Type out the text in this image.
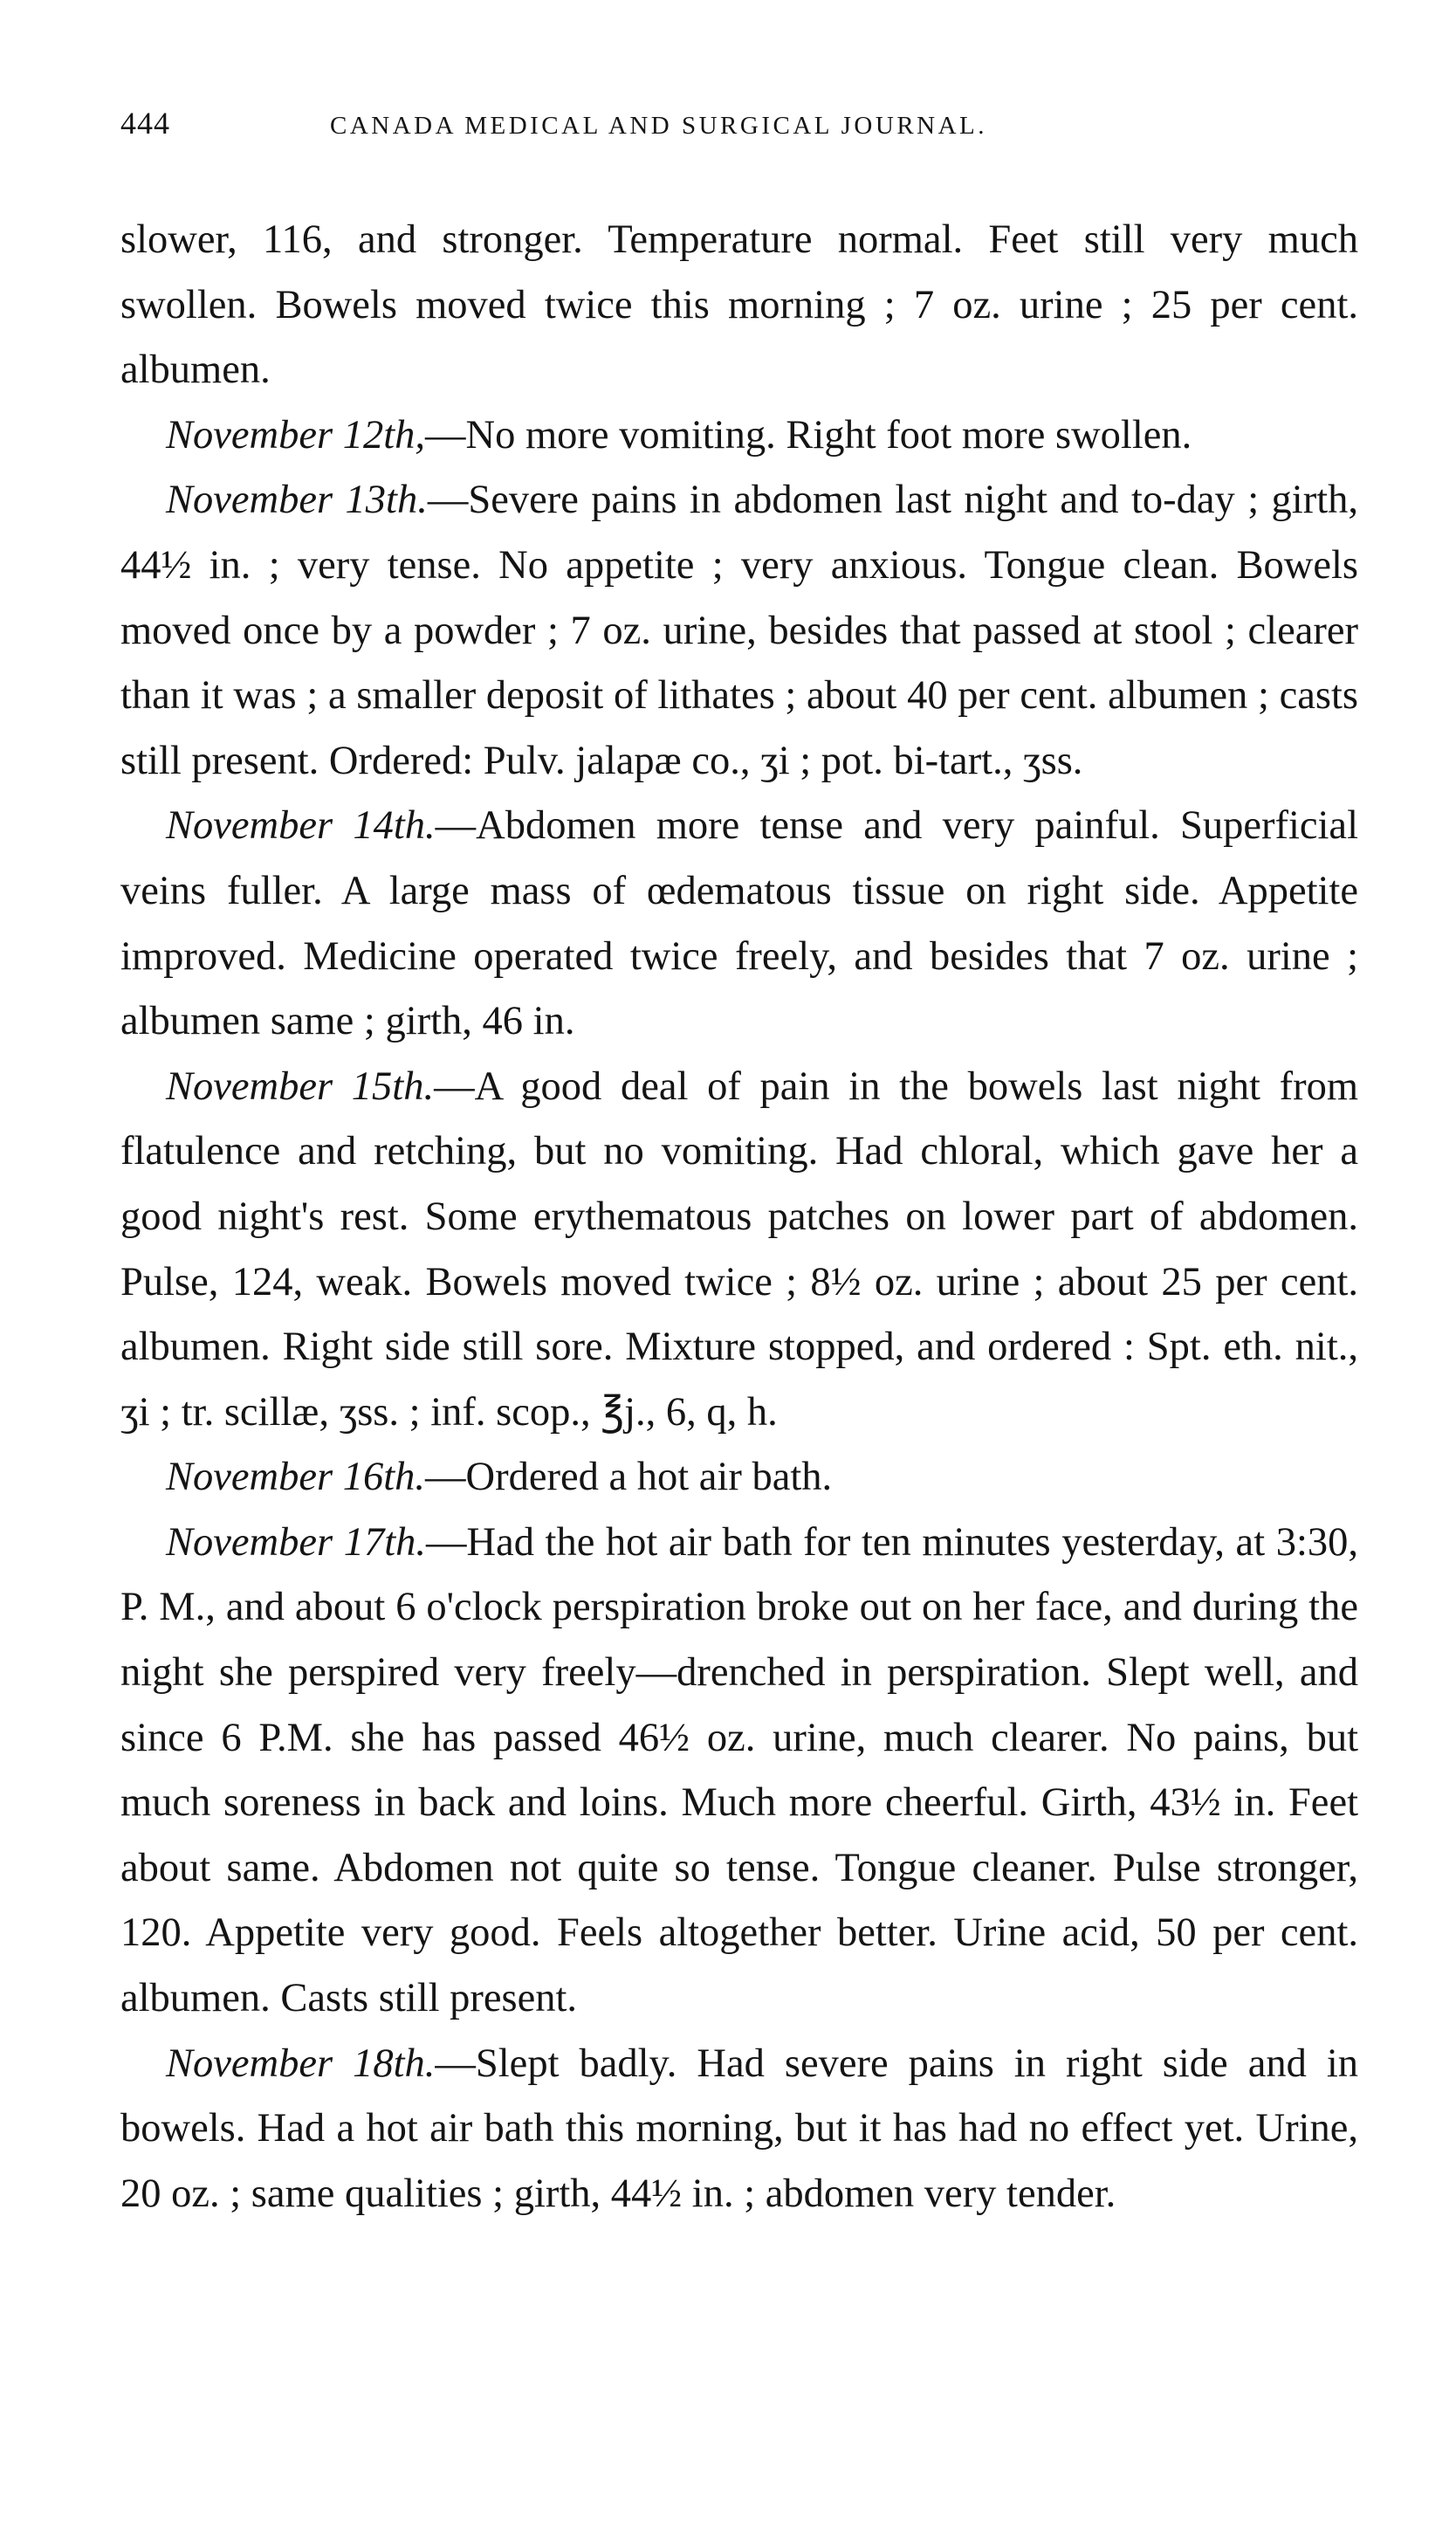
444	CANADA MEDICAL AND SURGICAL JOURNAL.

slower, 116, and stronger. Temperature normal. Feet still very much swollen. Bowels moved twice this morning ; 7 oz. urine ; 25 per cent. albumen.

November 12th,—No more vomiting. Right foot more swollen.

November 13th.—Severe pains in abdomen last night and to-day ; girth, 44½ in. ; very tense. No appetite ; very anxious. Tongue clean. Bowels moved once by a powder ; 7 oz. urine, besides that passed at stool ; clearer than it was ; a smaller deposit of lithates ; about 40 per cent. albumen ; casts still present. Ordered: Pulv. jalapæ co., ʒi ; pot. bi-tart., ʒss.

November 14th.—Abdomen more tense and very painful. Superficial veins fuller. A large mass of œdematous tissue on right side. Appetite improved. Medicine operated twice freely, and besides that 7 oz. urine ; albumen same ; girth, 46 in.

November 15th.—A good deal of pain in the bowels last night from flatulence and retching, but no vomiting. Had chloral, which gave her a good night's rest. Some erythematous patches on lower part of abdomen. Pulse, 124, weak. Bowels moved twice ; 8½ oz. urine ; about 25 per cent. albumen. Right side still sore. Mixture stopped, and ordered : Spt. eth. nit., ʒi ; tr. scillæ, ʒss. ; inf. scop., ℥j., 6, q, h.

November 16th.—Ordered a hot air bath.

November 17th.—Had the hot air bath for ten minutes yesterday, at 3:30, P. M., and about 6 o'clock perspiration broke out on her face, and during the night she perspired very freely—drenched in perspiration. Slept well, and since 6 P.M. she has passed 46½ oz. urine, much clearer. No pains, but much soreness in back and loins. Much more cheerful. Girth, 43½ in. Feet about same. Abdomen not quite so tense. Tongue cleaner. Pulse stronger, 120. Appetite very good. Feels altogether better. Urine acid, 50 per cent. albumen. Casts still present.

November 18th.—Slept badly. Had severe pains in right side and in bowels. Had a hot air bath this morning, but it has had no effect yet. Urine, 20 oz. ; same qualities ; girth, 44½ in. ; abdomen very tender.
